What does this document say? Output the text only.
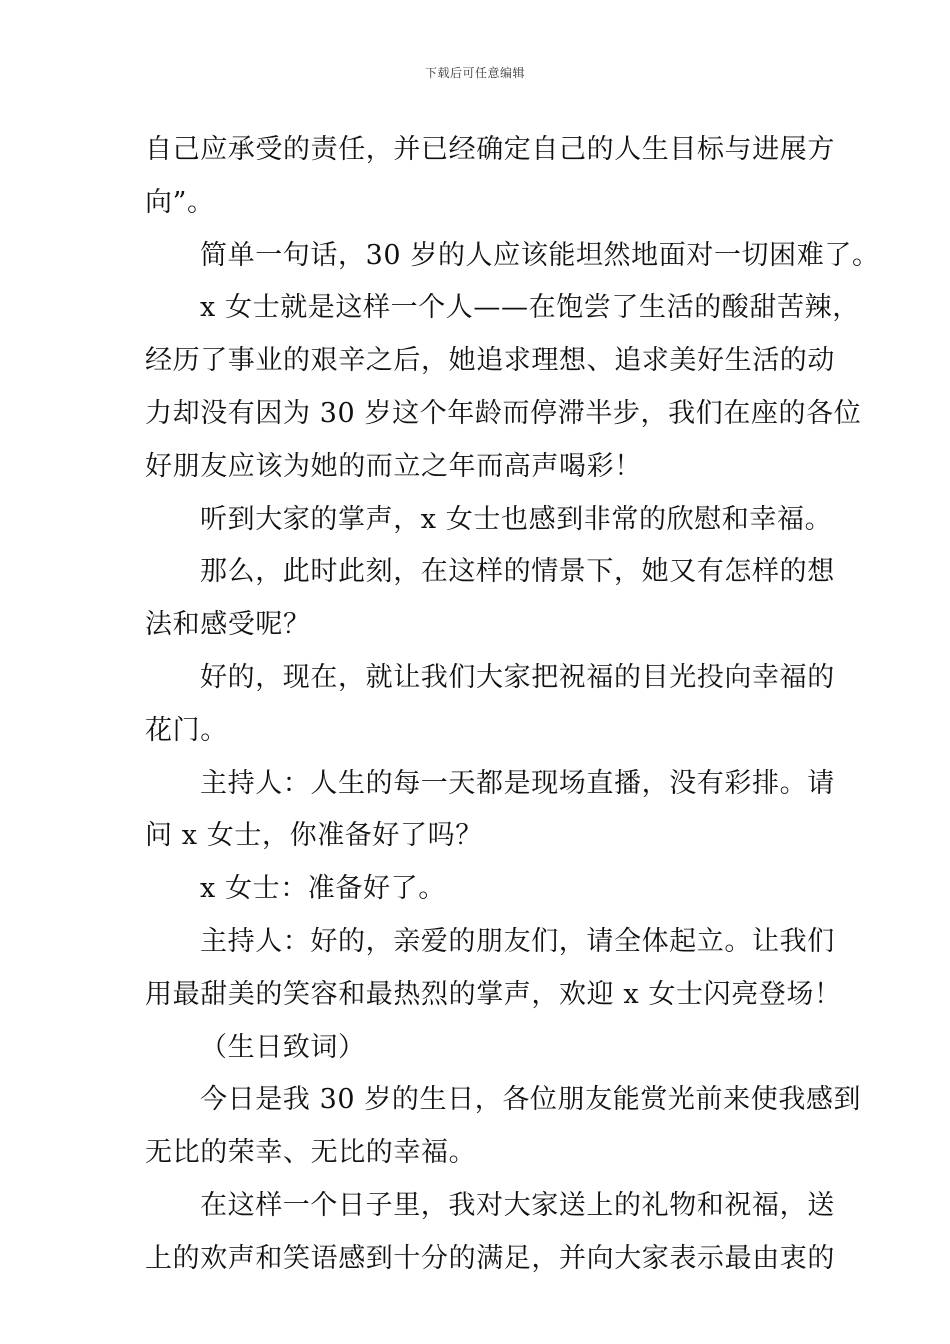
下载后可任意编辑
自己应承受的责任，并已经确定自己的人生目标与进展方
向”。
简单一句话，30 岁的人应该能坦然地面对一切困难了。
x 女士就是这样一个人——在饱尝了生活的酸甜苦辣，
经历了事业的艰辛之后，她追求理想、追求美好生活的动
力却没有因为 30 岁这个年龄而停滞半步，我们在座的各位
好朋友应该为她的而立之年而高声喝彩！
听到大家的掌声，x 女士也感到非常的欣慰和幸福。
那么，此时此刻，在这样的情景下，她又有怎样的想
法和感受呢？
好的，现在，就让我们大家把祝福的目光投向幸福的
花门。
主持人：人生的每一天都是现场直播，没有彩排。请
问 x 女士，你准备好了吗？
x 女士：准备好了。
主持人：好的，亲爱的朋友们，请全体起立。让我们
用最甜美的笑容和最热烈的掌声，欢迎 x 女士闪亮登场！
（生日致词）
今日是我 30 岁的生日，各位朋友能赏光前来使我感到
无比的荣幸、无比的幸福。
在这样一个日子里，我对大家送上的礼物和祝福，送
上的欢声和笑语感到十分的满足，并向大家表示最由衷的
